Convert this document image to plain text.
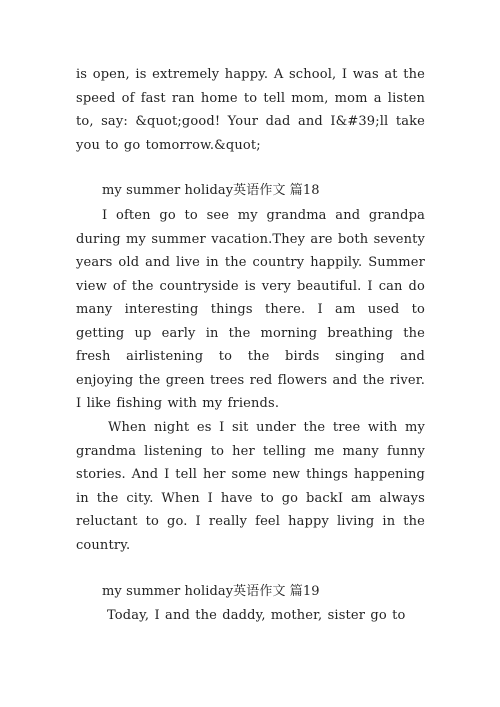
is open, is extremely happy. A school, I was at the speed of fast ran home to tell mom, mom a listen to, say: &quot;good! Your dad and I&#39;ll take you to go tomorrow.&quot;
my summer holiday英语作文 篇18
I often go to see my grandma and grandpa during my summer vacation.They are both seventy years old and live in the country happily. Summer view of the countryside is very beautiful. I can do many interesting things there. I am used to getting up early in the morning breathing the fresh airlistening to the birds singing and enjoying the green trees red flowers and the river. I like fishing with my friends.
When night es I sit under the tree with my grandma listening to her telling me many funny stories. And I tell her some new things happening in the city. When I have to go backI am always reluctant to go. I really feel happy living in the country.
my summer holiday英语作文 篇19
Today, I and the daddy, mother, sister go to
